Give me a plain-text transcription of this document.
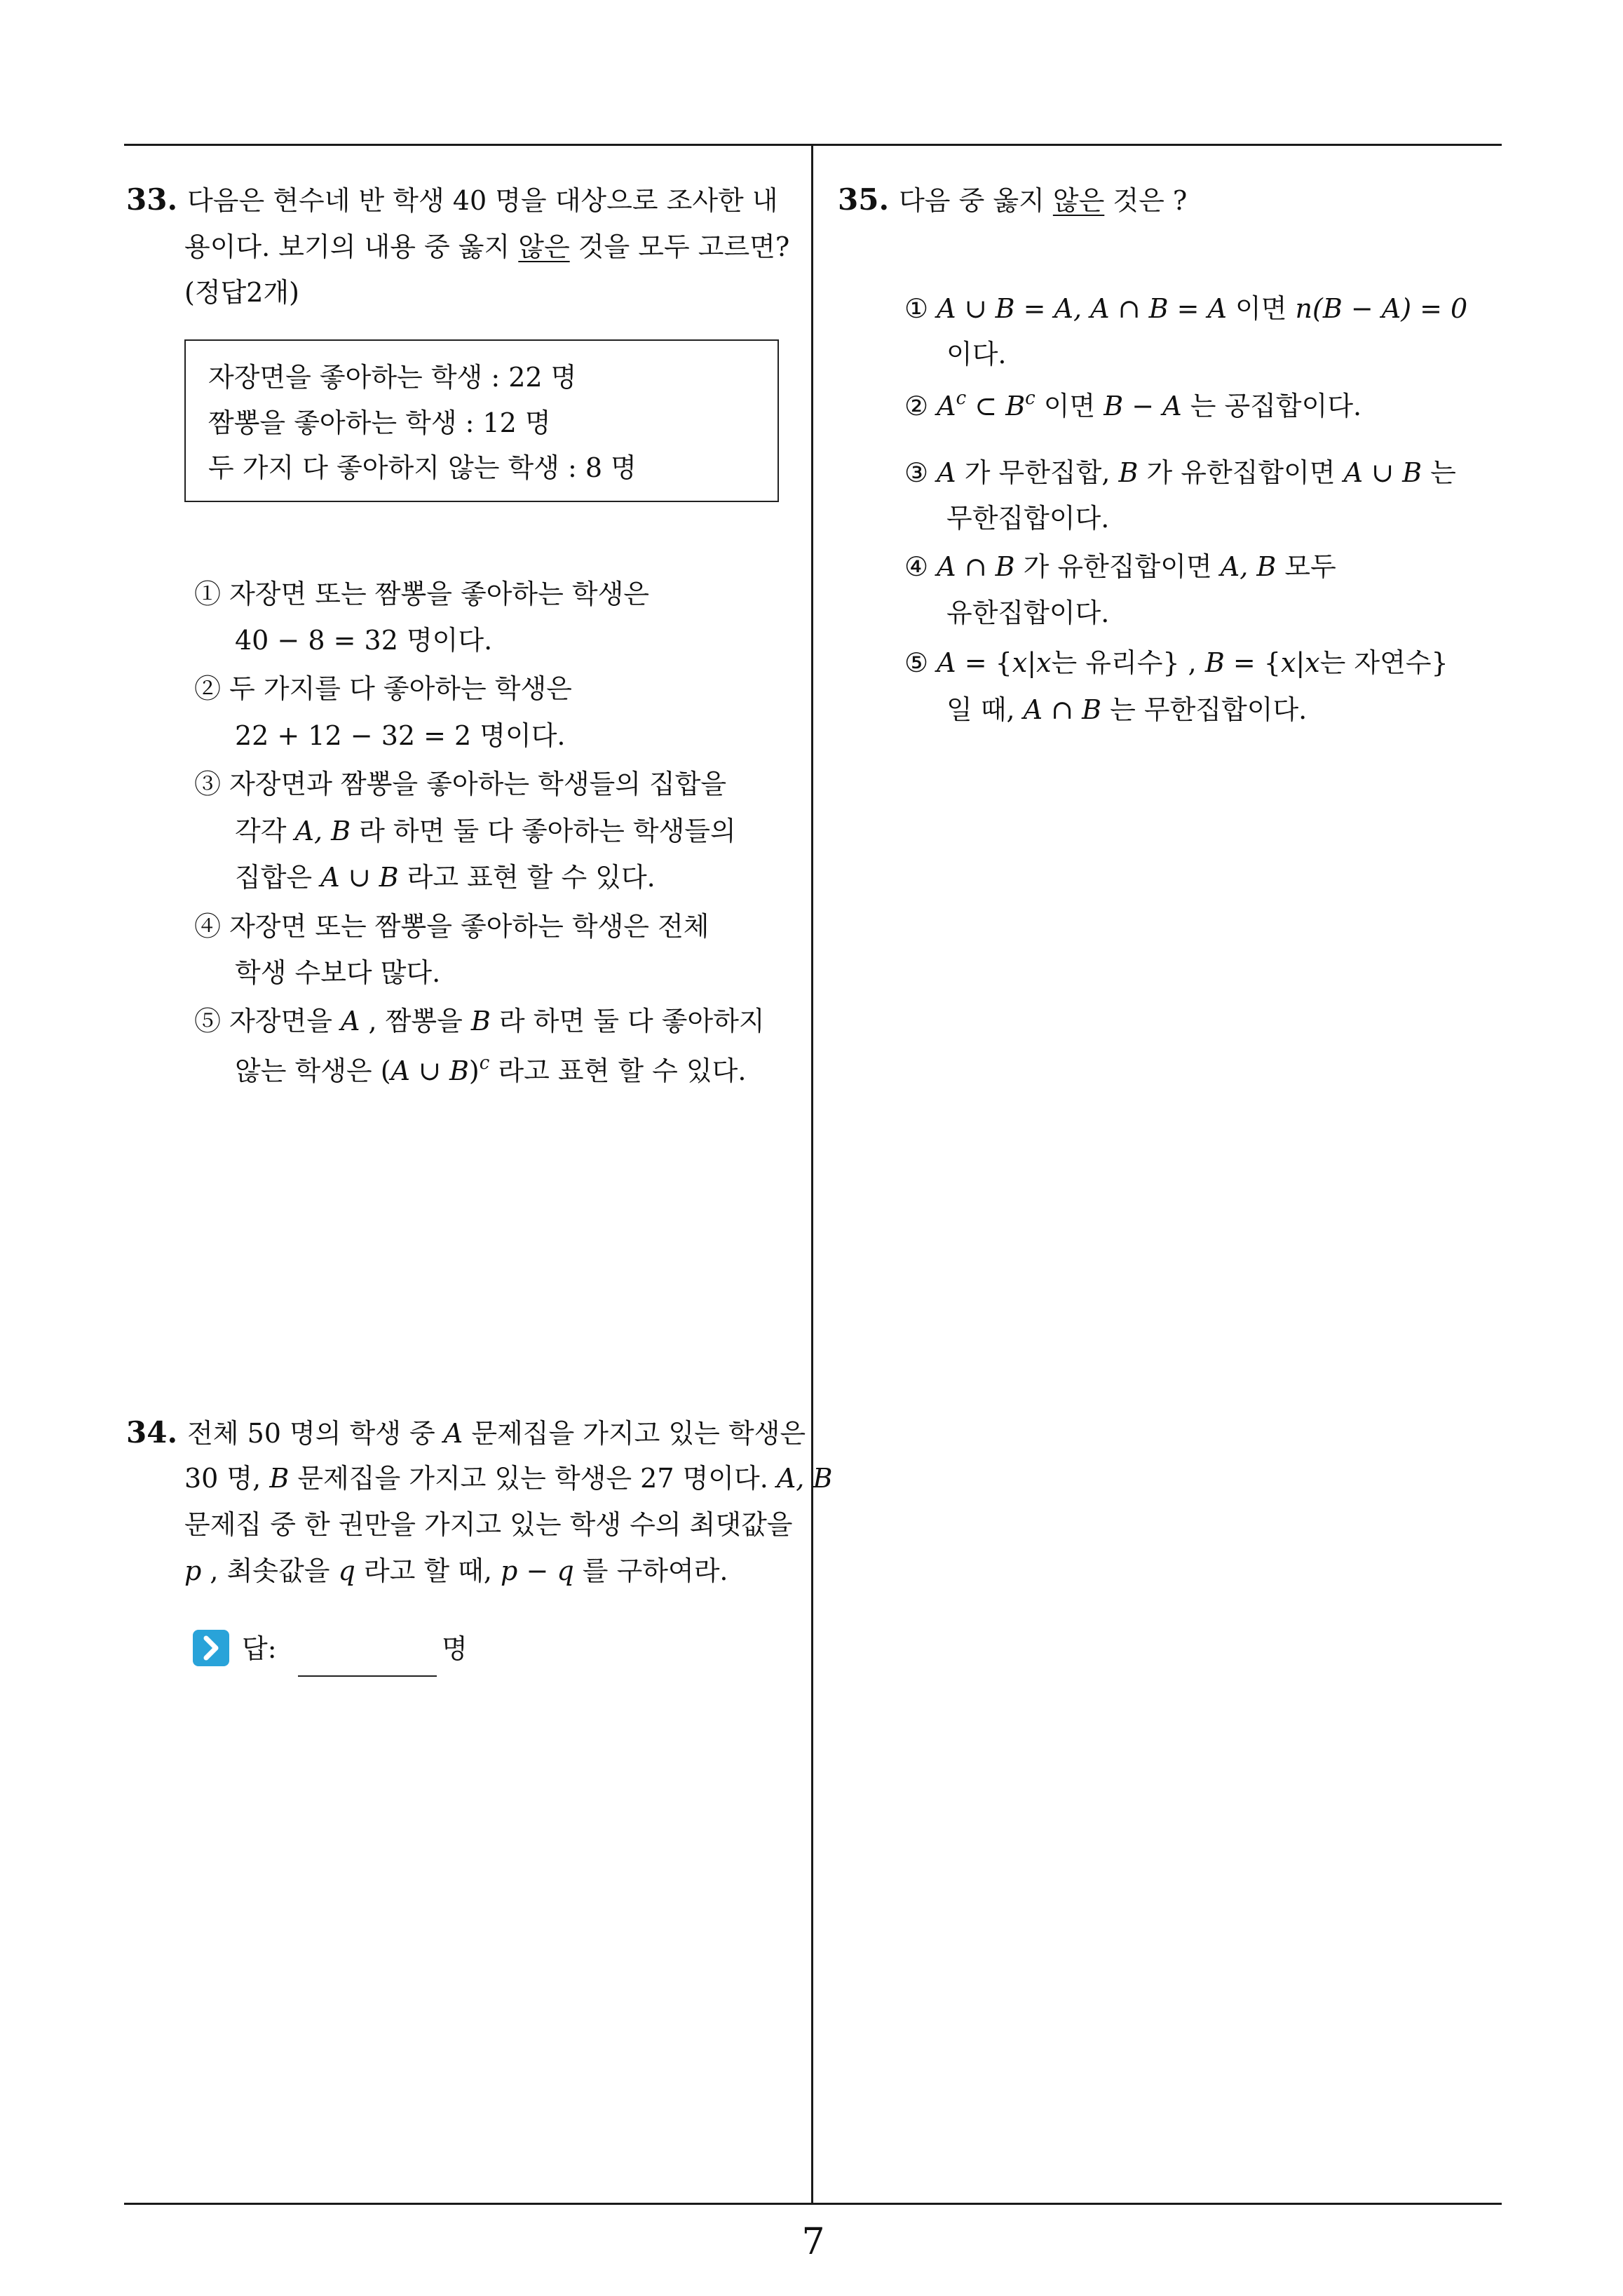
33. 다음은 현수네 반 학생 40 명을 대상으로 조사한 내
용이다. 보기의 내용 중 옳지 않은 것을 모두 고르면?
(정답2개)
자장면을 좋아하는 학생 : 22 명
짬뽕을 좋아하는 학생 : 12 명
두 가지 다 좋아하지 않는 학생 : 8 명
① 자장면 또는 짬뽕을 좋아하는 학생은
40 − 8 = 32 명이다.
② 두 가지를 다 좋아하는 학생은
22 + 12 − 32 = 2 명이다.
③ 자장면과 짬뽕을 좋아하는 학생들의 집합을
각각 A, B 라 하면 둘 다 좋아하는 학생들의
집합은 A ∪ B 라고 표현 할 수 있다.
④ 자장면 또는 짬뽕을 좋아하는 학생은 전체
학생 수보다 많다.
⑤ 자장면을 A , 짬뽕을 B 라 하면 둘 다 좋아하지
않는 학생은 (A ∪ B)$^c$ 라고 표현 할 수 있다.
34. 전체 50 명의 학생 중 A 문제집을 가지고 있는 학생은
30 명, B 문제집을 가지고 있는 학생은 27 명이다. A, B
문제집 중 한 권만을 가지고 있는 학생 수의 최댓값을
p , 최솟값을 q 라고 할 때, p − q 를 구하여라.
답:	명
35. 다음 중 옳지 않은 것은 ?
① A ∪ B = A, A ∩ B = A 이면 n(B − A) = 0
이다.
② $A^c$ ⊂ $B^c$ 이면 B − A 는 공집합이다.
③ A 가 무한집합, B 가 유한집합이면 A ∪ B 는
무한집합이다.
④ A ∩ B 가 유한집합이면 A, B 모두
유한집합이다.
⑤ A = {x|x는 유리수} , B = {x|x는 자연수}
일 때, A ∩ B 는 무한집합이다.
7
